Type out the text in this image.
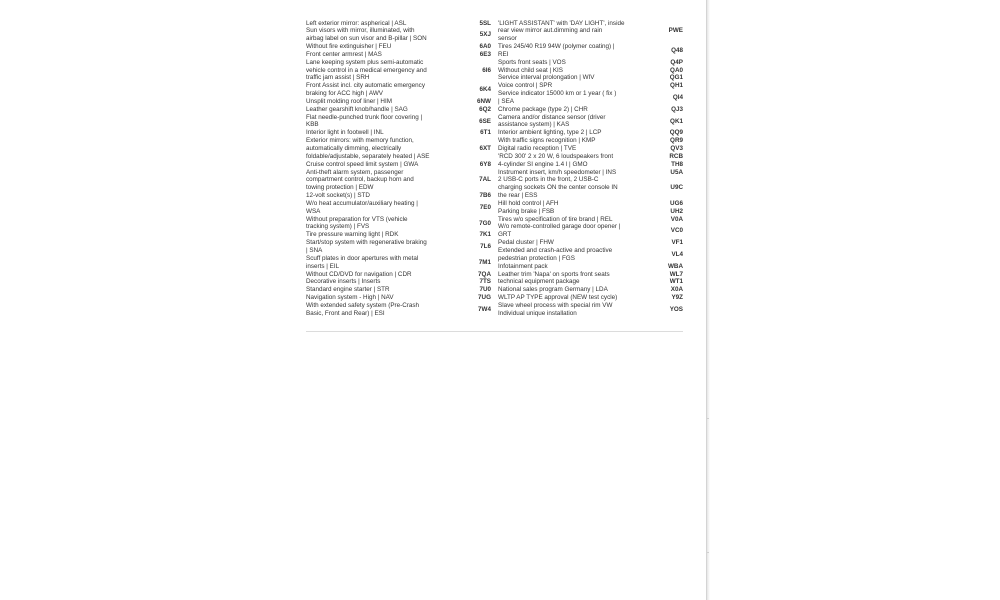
Left exterior mirror: aspherical | ASL	5SL
Sun visors with mirror, illuminated, with
airbag label on sun visor and B-pillar | SON
5XJ
Without fire extinguisher | FEU	6A0
Front center armrest | MAS	6E3
Lane keeping system plus semi-automatic
vehicle control in a medical emergency and
traffic jam assist | SRH
6I6
Front Assist incl. city automatic emergency
braking for ACC high | AWV
6K4
Unsplit molding roof liner | HIM	6NW
Leather gearshift knob/handle | SAG	6Q2
Flat needle-punched trunk floor covering |
KBB
6SE
Interior light in footwell | INL	6T1
Exterior mirrors: with memory function,
automatically dimming, electrically
foldable/adjustable, separately heated | ASE
6XT
Cruise control speed limit system | GWA	6Y8
Anti-theft alarm system, passenger
compartment control, backup horn and
towing protection | EDW
7AL
12-volt socket(s) | STD	7B6
W/o heat accumulator/auxiliary heating |
WSA
7E0
Without preparation for VTS (vehicle
tracking system) | FVS
7G0
Tire pressure warning light | RDK	7K1
Start/stop system with regenerative braking
| SNA
7L6
Scuff plates in door apertures with metal
inserts | EIL
7M1
Without CD/DVD for navigation | CDR	7QA
Decorative inserts | Inserts	7TS
Standard engine starter | STR	7U0
Navigation system - High | NAV	7UG
With extended safety system (Pre-Crash
Basic, Front and Rear) | ESI
7W4
'LIGHT ASSISTANT' with 'DAY LIGHT', inside
rear view mirror aut.dimming and rain
sensor
PWE
Tires 245/40 R19 94W (polymer coating) |
REI
Q48
Sports front seats | VOS	Q4P
Without child seat | KIS	QA0
Service interval prolongation | WIV	QG1
Voice control | SPR	QH1
Service indicator 15000 km or 1 year ( fix )
| SEA
QI4
Chrome package (type 2) | CHR	QJ3
Camera and/or distance sensor (driver
assistance system) | KAS
QK1
Interior ambient lighting, type 2 | LCP	QQ9
With traffic signs recognition | KMP	QR9
Digital radio reception | TVE	QV3
'RCD 300' 2 x 20 W, 6 loudspeakers front	RCB
4-cylinder SI engine 1.4 l | GMO	TH8
Instrument insert, km/h speedometer | INS	U5A
2 USB-C ports in the front, 2 USB-C
charging sockets ON the center console IN
the rear | ESS
U9C
Hill hold control | AFH	UG6
Parking brake | FSB	UH2
Tires w/o specification of tire brand | REL	V0A
W/o remote-controlled garage door opener |
GRT
VC0
Pedal cluster | FHW	VF1
Extended and crash-active and proactive
pedestrian protection | FGS
VL4
Infotainment pack	WBA
Leather trim 'Napa' on sports front seats	WL7
technical equipment package	WT1
National sales program Germany | LDA	X0A
WLTP AP TYPE approval (NEW test cycle)	Y9Z
Slave wheel process with special rim VW
Individual unique installation
YOS
